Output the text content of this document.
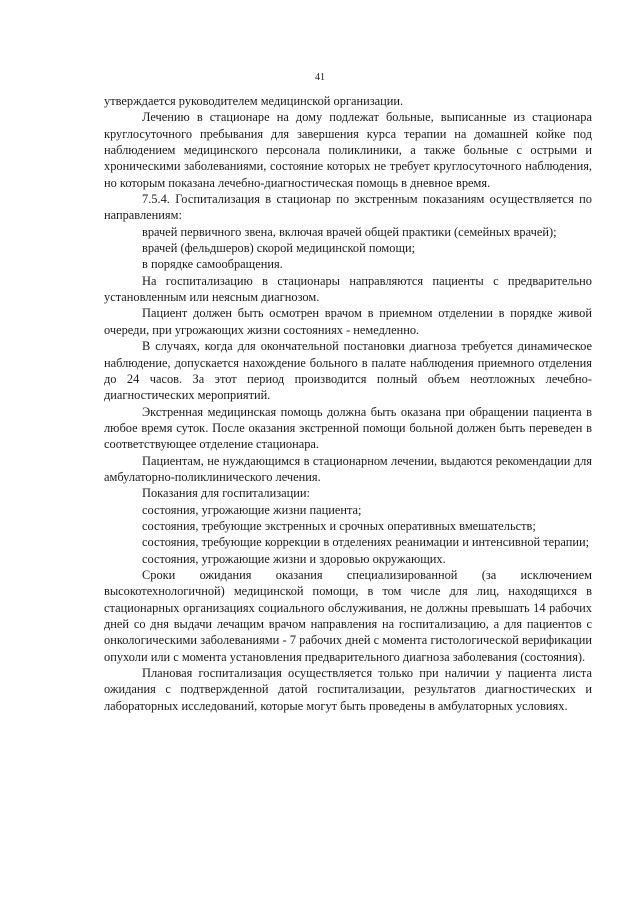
41

утверждается руководителем медицинской организации.

Лечению в стационаре на дому подлежат больные, выписанные из стационара круглосуточного пребывания для завершения курса терапии на домашней койке под наблюдением медицинского персонала поликлиники, а также больные с острыми и хроническими заболеваниями, состояние которых не требует круглосуточного наблюдения, но которым показана лечебно-диагностическая помощь в дневное время.

7.5.4. Госпитализация в стационар по экстренным показаниям осуществляется по направлениям:

врачей первичного звена, включая врачей общей практики (семейных врачей);

врачей (фельдшеров) скорой медицинской помощи;

в порядке самообращения.

На госпитализацию в стационары направляются пациенты с предварительно установленным или неясным диагнозом.

Пациент должен быть осмотрен врачом в приемном отделении в порядке живой очереди, при угрожающих жизни состояниях - немедленно.

В случаях, когда для окончательной постановки диагноза требуется динамическое наблюдение, допускается нахождение больного в палате наблюдения приемного отделения до 24 часов. За этот период производится полный объем неотложных лечебно-диагностических мероприятий.

Экстренная медицинская помощь должна быть оказана при обращении пациента в любое время суток. После оказания экстренной помощи больной должен быть переведен в соответствующее отделение стационара.

Пациентам, не нуждающимся в стационарном лечении, выдаются рекомендации для амбулаторно-поликлинического лечения.

Показания для госпитализации:

состояния, угрожающие жизни пациента;

состояния, требующие экстренных и срочных оперативных вмешательств;

состояния, требующие коррекции в отделениях реанимации и интенсивной терапии;

состояния, угрожающие жизни и здоровью окружающих.

Сроки ожидания оказания специализированной (за исключением высокотехнологичной) медицинской помощи, в том числе для лиц, находящихся в стационарных организациях социального обслуживания, не должны превышать 14 рабочих дней со дня выдачи лечащим врачом направления на госпитализацию, а для пациентов с онкологическими заболеваниями - 7 рабочих дней с момента гистологической верификации опухоли или с момента установления предварительного диагноза заболевания (состояния).

Плановая госпитализация осуществляется только при наличии у пациента листа ожидания с подтвержденной датой госпитализации, результатов диагностических и лабораторных исследований, которые могут быть проведены в амбулаторных условиях.
